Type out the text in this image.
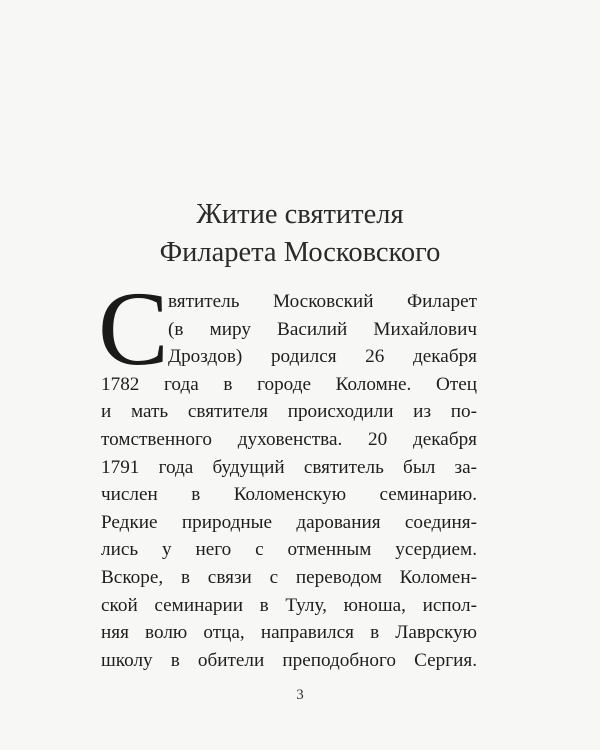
Житие святителя
Филарета Московского
С вятитель Московский Филарет
(в миру Василий Михайлович
Дроздов) родился 26 декабря
1782 года в городе Коломне. Отец
и мать святителя происходили из по-
томственного духовенства. 20 декабря
1791 года будущий святитель был за-
числен в Коломенскую семинарию.
Редкие природные дарования соединя-
лись у него с отменным усердием.
Вскоре, в связи с переводом Коломен-
ской семинарии в Тулу, юноша, испол-
няя волю отца, направился в Лаврскую
школу в обители преподобного Сергия.
3
